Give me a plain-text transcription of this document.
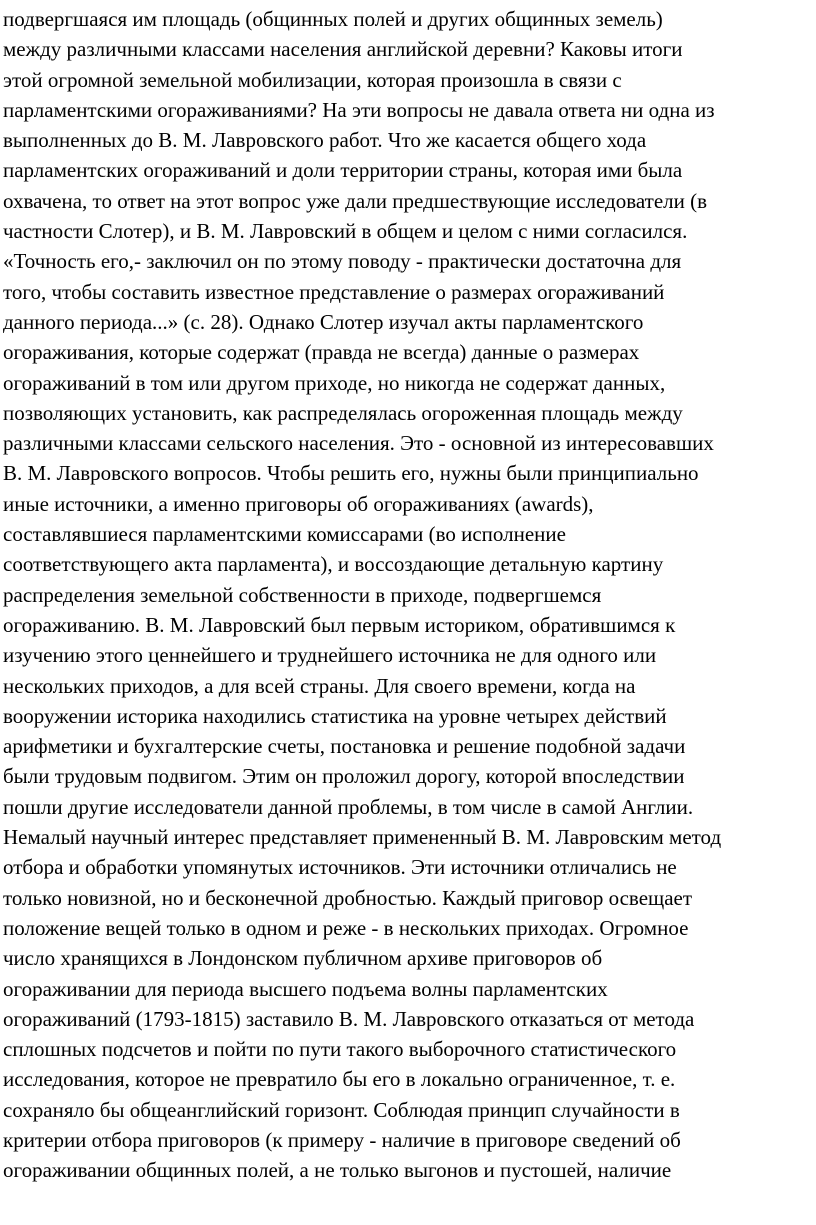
подвергшаяся им площадь (общинных полей и других общинных земель)
между различными классами населения английской деревни? Каковы итоги
этой огромной земельной мобилизации, которая произошла в связи с
парламентскими огораживаниями? На эти вопросы не давала ответа ни одна из
выполненных до В. М. Лавровского работ. Что же касается общего хода
парламентских огораживаний и доли территории страны, которая ими была
охвачена, то ответ на этот вопрос уже дали предшествующие исследователи (в
частности Слотер), и В. М. Лавровский в общем и целом с ними согласился.
«Точность его,- заключил он по этому поводу - практически достаточна для
того, чтобы составить известное представление о размерах огораживаний
данного периода...» (с. 28). Однако Слотер изучал акты парламентского
огораживания, которые содержат (правда не всегда) данные о размерах
огораживаний в том или другом приходе, но никогда не содержат данных,
позволяющих установить, как распределялась огороженная площадь между
различными классами сельского населения. Это - основной из интересовавших
В. М. Лавровского вопросов. Чтобы решить его, нужны были принципиально
иные источники, а именно приговоры об огораживаниях (awards),
составлявшиеся парламентскими комиссарами (во исполнение
соответствующего акта парламента), и воссоздающие детальную картину
распределения земельной собственности в приходе, подвергшемся
огораживанию. В. М. Лавровский был первым историком, обратившимся к
изучению этого ценнейшего и труднейшего источника не для одного или
нескольких приходов, а для всей страны. Для своего времени, когда на
вооружении историка находились статистика на уровне четырех действий
арифметики и бухгалтерские счеты, постановка и решение подобной задачи
были трудовым подвигом. Этим он проложил дорогу, которой впоследствии
пошли другие исследователи данной проблемы, в том числе в самой Англии.
Немалый научный интерес представляет примененный В. М. Лавровским метод
отбора и обработки упомянутых источников. Эти источники отличались не
только новизной, но и бесконечной дробностью. Каждый приговор освещает
положение вещей только в одном и реже - в нескольких приходах. Огромное
число хранящихся в Лондонском публичном архиве приговоров об
огораживании для периода высшего подъема волны парламентских
огораживаний (1793-1815) заставило В. М. Лавровского отказаться от метода
сплошных подсчетов и пойти по пути такого выборочного статистического
исследования, которое не превратило бы его в локально ограниченное, т. е.
сохраняло бы общеанглийский горизонт. Соблюдая принцип случайности в
критерии отбора приговоров (к примеру - наличие в приговоре сведений об
огораживании общинных полей, а не только выгонов и пустошей, наличие
